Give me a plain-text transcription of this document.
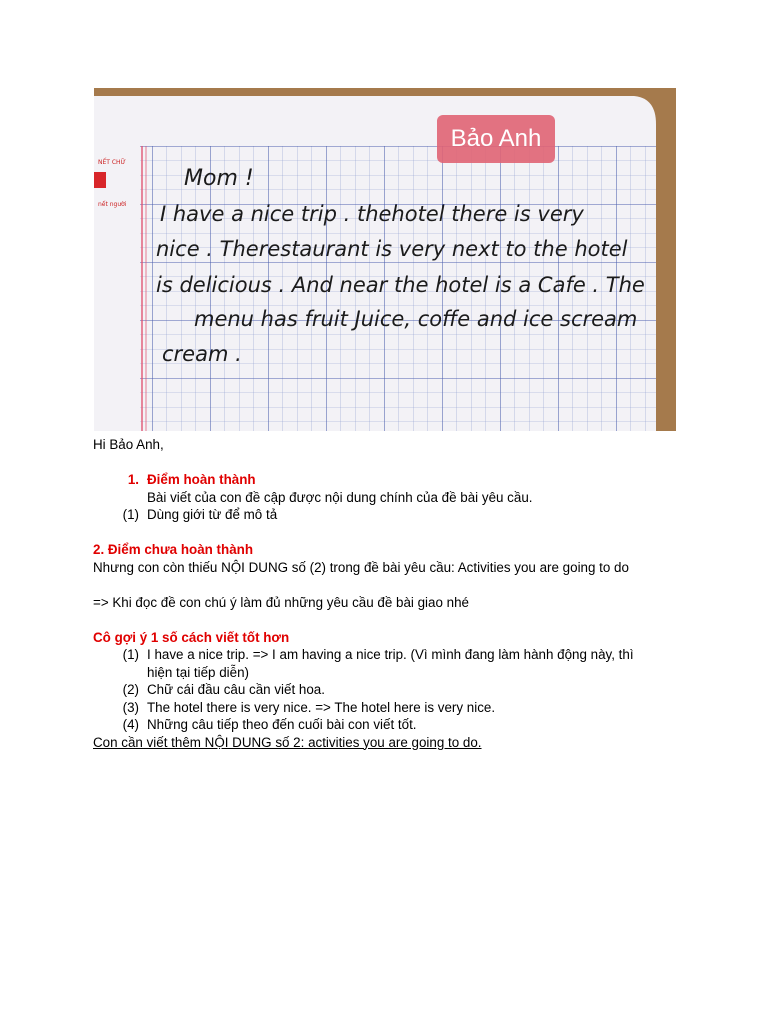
NẾT CHỮ
nết người
Bảo Anh
Mom !
I have a nice trip . thehotel there is very
nice . Therestaurant is very next to the hotel
is delicious . And near the hotel is a Cafe . The
menu has fruit Juice, coffe and ice scream
cream .
Hi Bảo Anh,
1. Điểm hoàn thành
Bài viết của con đề cập được nội dung chính của đề bài yêu cầu.
(1) Dùng giới từ để mô tả
2. Điểm chưa hoàn thành
Nhưng con còn thiếu NỘI DUNG số (2) trong đề bài yêu cầu: Activities you are going to do
=> Khi đọc đề con chú ý làm đủ những yêu cầu đề bài giao nhé
Cô gợi ý 1 số cách viết tốt hơn
(1) I have a nice trip. => I am having a nice trip. (Vì mình đang làm hành động này, thì
hiện tại tiếp diễn)
(2) Chữ cái đầu câu cần viết hoa.
(3) The hotel there is very nice. => The hotel here is very nice.
(4) Những câu tiếp theo đến cuối bài con viết tốt.
Con cần viết thêm NỘI DUNG số 2: activities you are going to do.
